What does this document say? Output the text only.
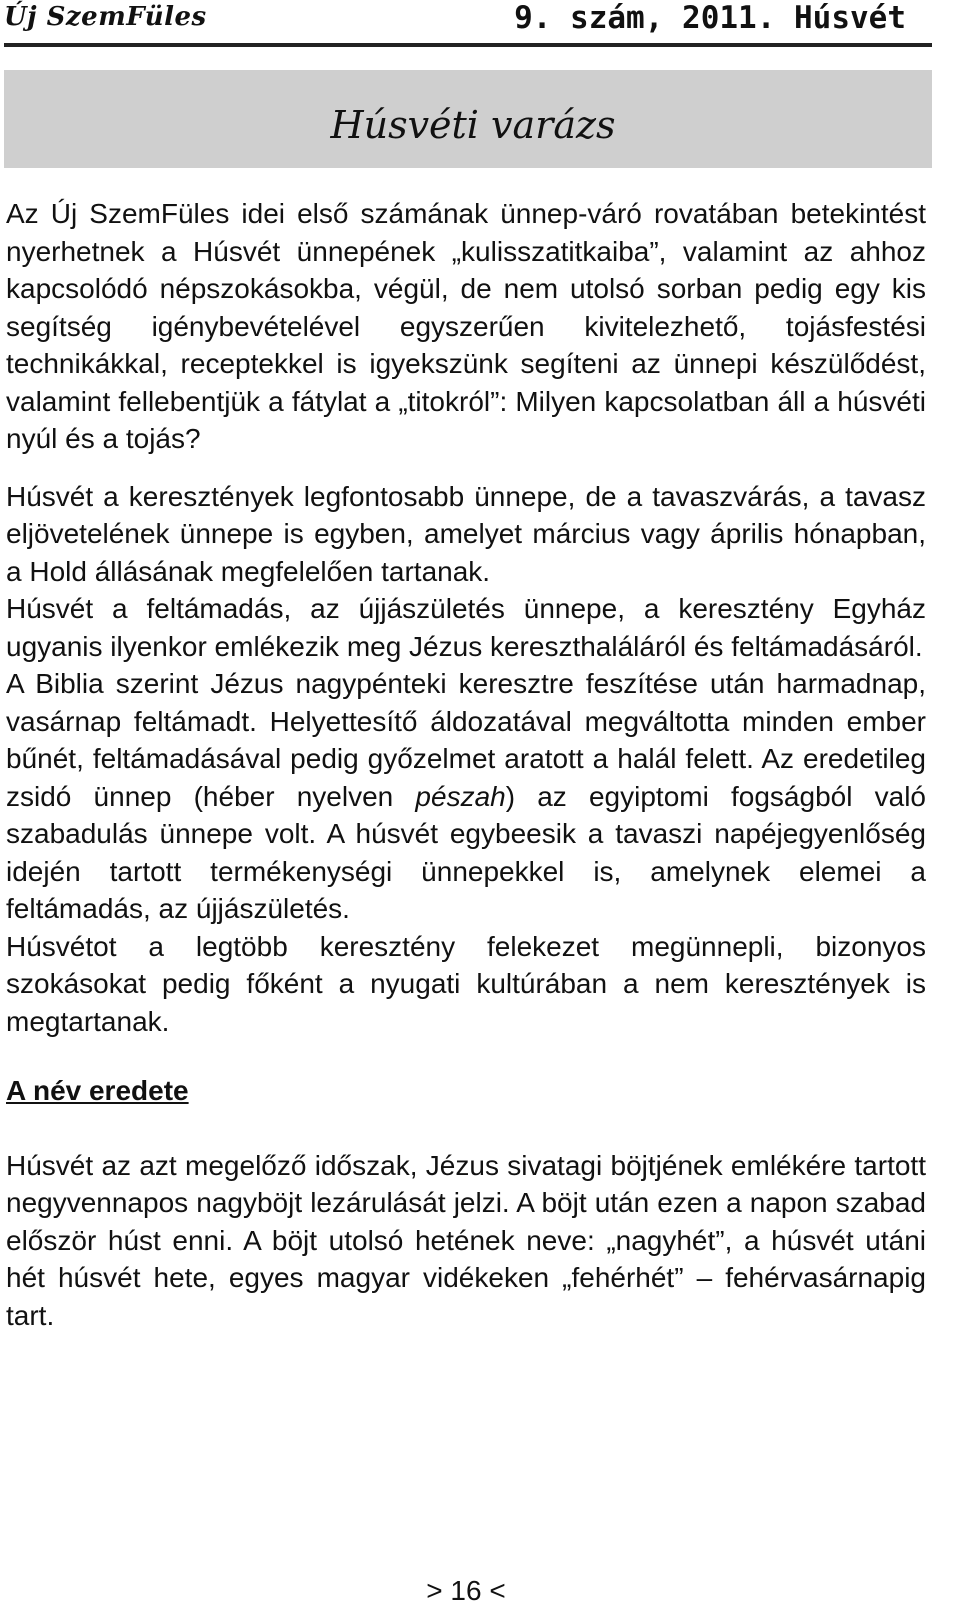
Új SzemFüles	9. szám, 2011. Húsvét
Húsvéti varázs

Az Új SzemFüles idei első számának ünnep-váró rovatában betekintést nyerhetnek a Húsvét ünnepének „kulisszatitkaiba”, valamint az ahhoz kapcsolódó népszokásokba, végül, de nem utolsó sorban pedig egy kis segítség igénybevételével egyszerűen kivitelezhető, tojásfestési technikákkal, receptekkel is igyekszünk segíteni az ünnepi készülődést, valamint fellebentjük a fátylat a „titokról”: Milyen kapcsolatban áll a húsvéti nyúl és a tojás?

Húsvét a keresztények legfontosabb ünnepe, de a tavaszvárás, a tavasz eljövetelének ünnepe is egyben, amelyet március vagy április hónapban, a Hold állásának megfelelően tartanak.

Húsvét a feltámadás, az újjászületés ünnepe, a keresztény Egyház ugyanis ilyenkor emlékezik meg Jézus kereszthaláláról és feltámadásáról.

A Biblia szerint Jézus nagypénteki keresztre feszítése után harmadnap, vasárnap feltámadt. Helyettesítő áldozatával megváltotta minden ember bűnét, feltámadásával pedig győzelmet aratott a halál felett. Az eredetileg zsidó ünnep (héber nyelven pészah) az egyiptomi fogságból való szabadulás ünnepe volt. A húsvét egybeesik a tavaszi napéjegyenlőség idején tartott termékenységi ünnepekkel is, amelynek elemei a feltámadás, az újjászületés.

Húsvétot a legtöbb keresztény felekezet megünnepli, bizonyos szokásokat pedig főként a nyugati kultúrában a nem keresztények is megtartanak.

A név eredete

Húsvét az azt megelőző időszak, Jézus sivatagi böjtjének emlékére tartott negyvennapos nagyböjt lezárulását jelzi. A böjt után ezen a napon szabad először húst enni. A böjt utolsó hetének neve: „nagyhét”, a húsvét utáni hét húsvét hete, egyes magyar vidékeken „fehérhét” – fehérvasárnapig tart.

> 16 <
